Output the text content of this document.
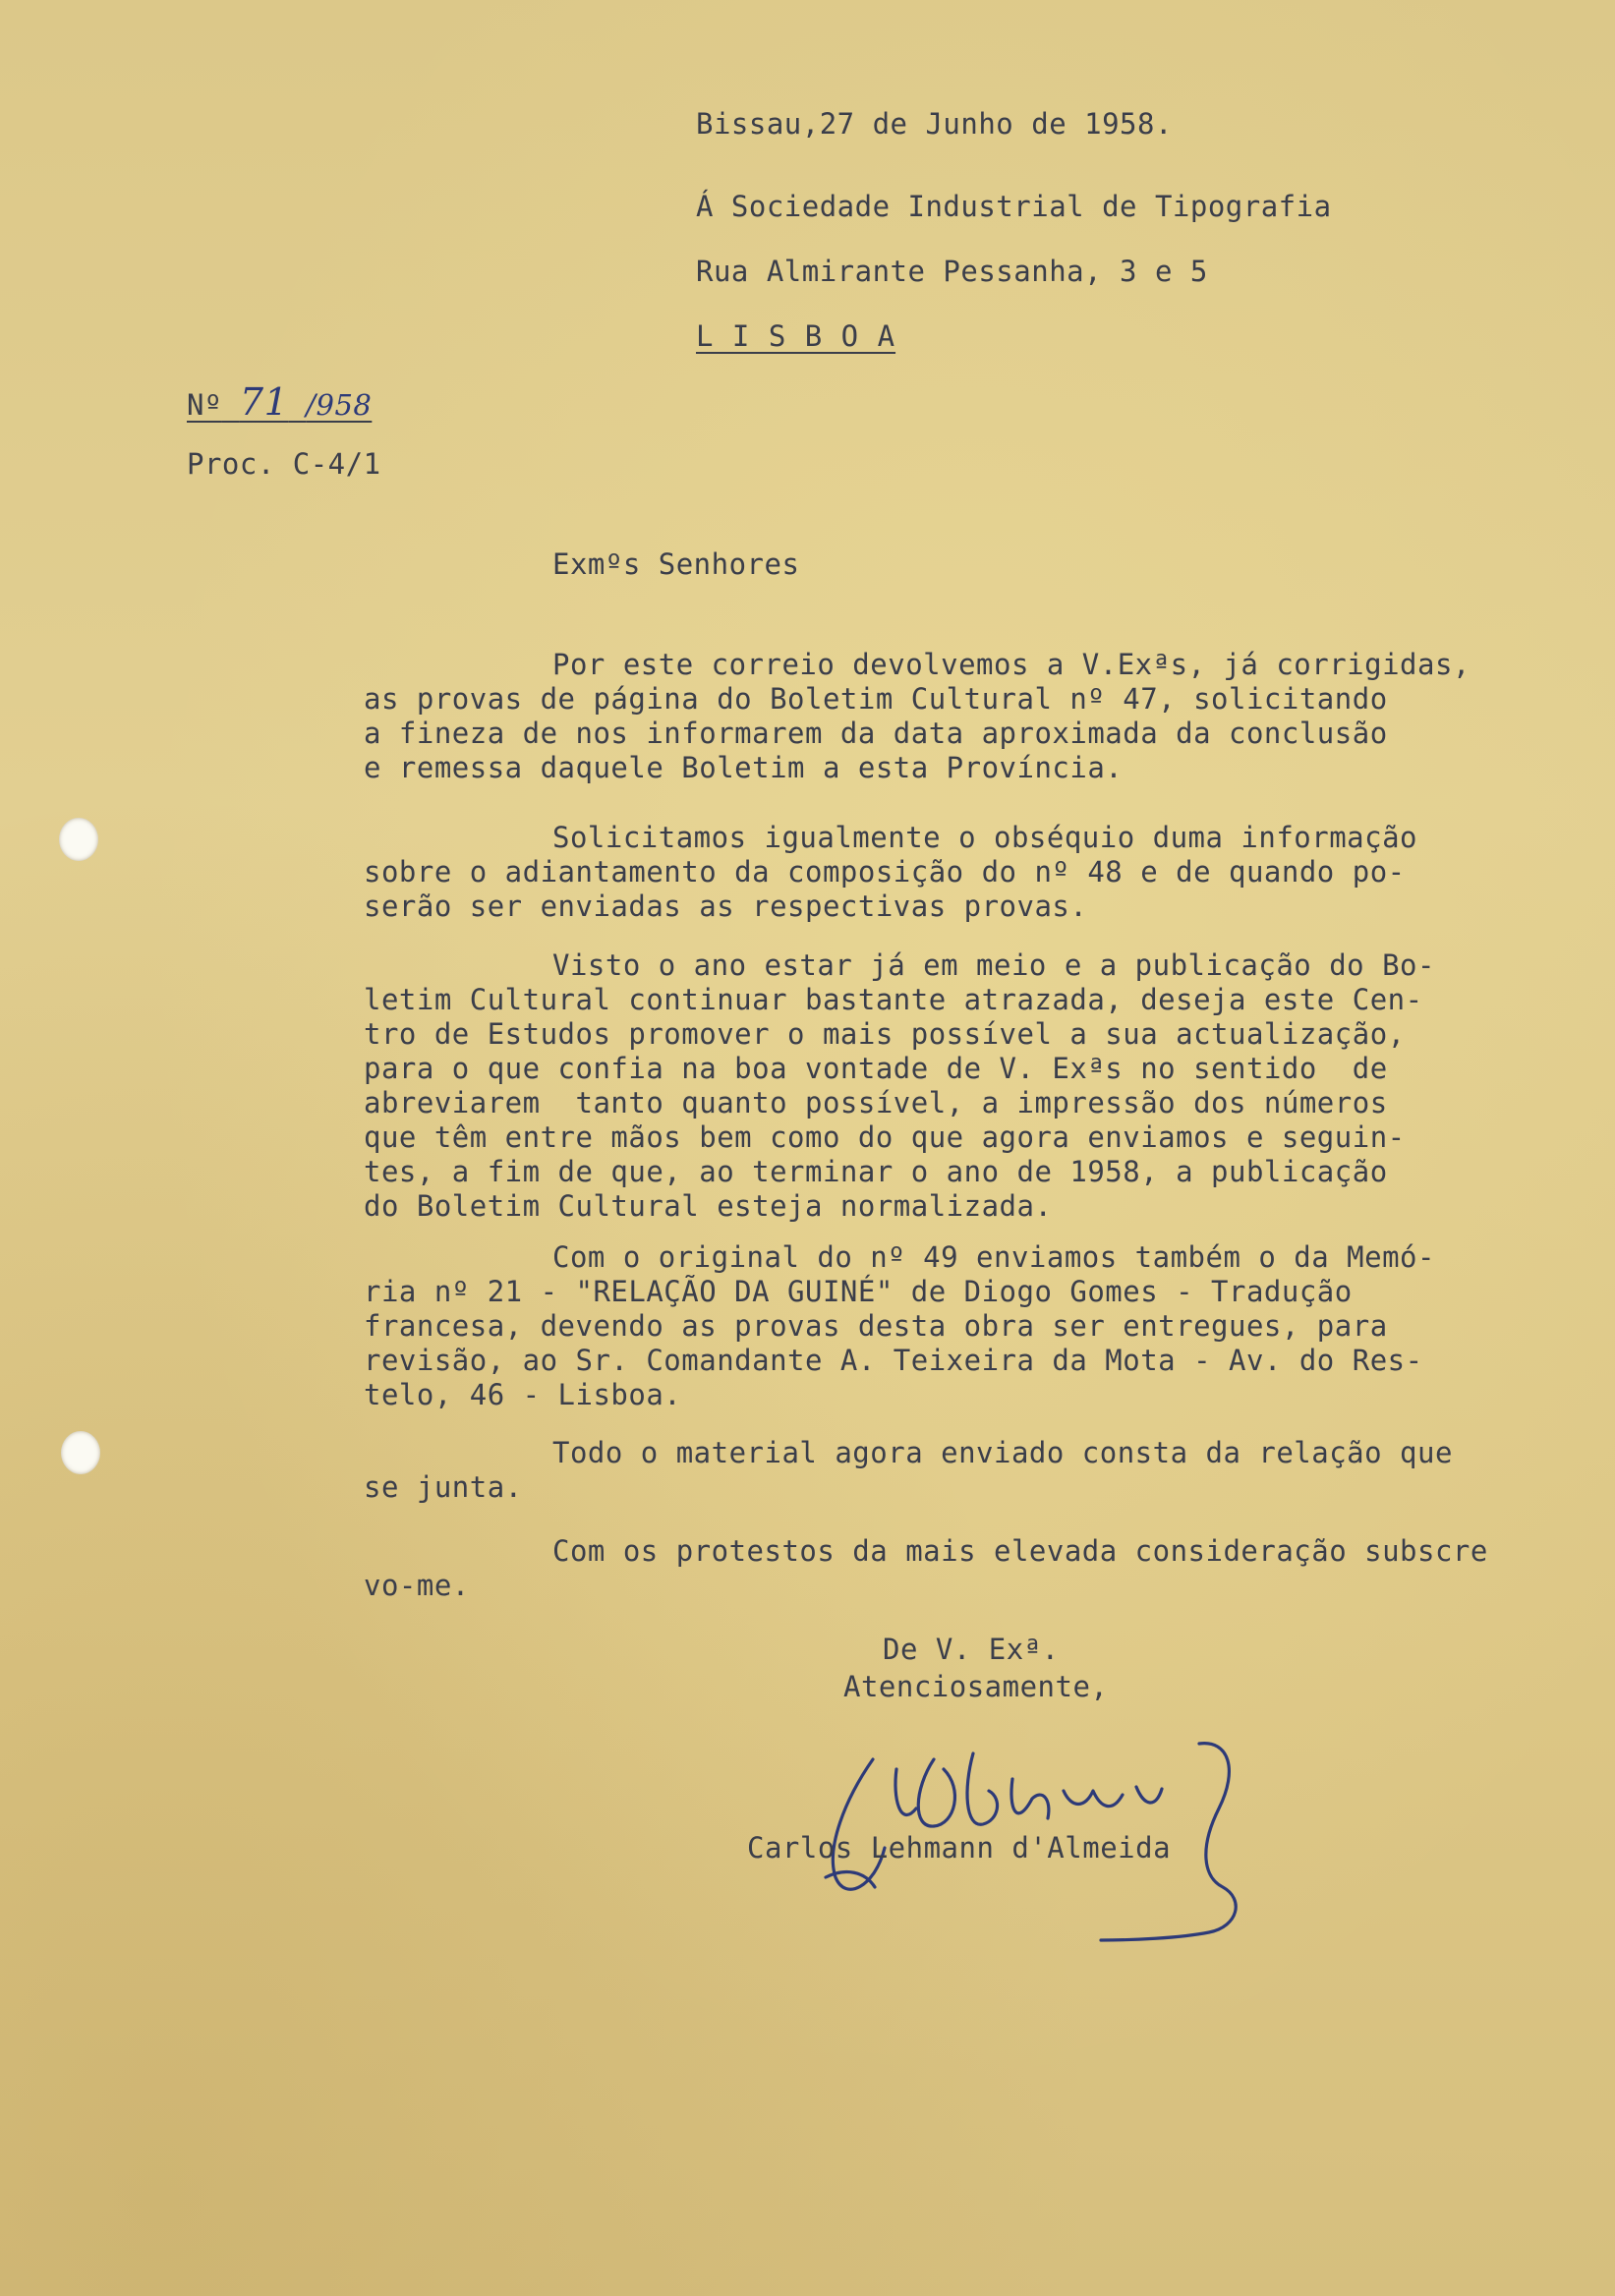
Bissau,27 de Junho de 1958.
Á Sociedade Industrial de Tipografia
Rua Almirante Pessanha, 3 e 5
L I S B O A
Nº 71 /958
Proc. C-4/1
Exmºs Senhores
Por este correio devolvemos a V.Exªs, já corrigidas,
as provas de página do Boletim Cultural nº 47, solicitando
a fineza de nos informarem da data aproximada da conclusão
e remessa daquele Boletim a esta Província.
Solicitamos igualmente o obséquio duma informação
sobre o adiantamento da composição do nº 48 e de quando po-
serão ser enviadas as respectivas provas.
Visto o ano estar já em meio e a publicação do Bo-
letim Cultural continuar bastante atrazada, deseja este Cen-
tro de Estudos promover o mais possível a sua actualização,
para o que confia na boa vontade de V. Exªs no sentido  de
abreviarem  tanto quanto possível, a impressão dos números
que têm entre mãos bem como do que agora enviamos e seguin-
tes, a fim de que, ao terminar o ano de 1958, a publicação
do Boletim Cultural esteja normalizada.
Com o original do nº 49 enviamos também o da Memó-
ria nº 21 - "RELAÇÃO DA GUINÉ" de Diogo Gomes - Tradução
francesa, devendo as provas desta obra ser entregues, para
revisão, ao Sr. Comandante A. Teixeira da Mota - Av. do Res-
telo, 46 - Lisboa.
Todo o material agora enviado consta da relação que
se junta.
Com os protestos da mais elevada consideração subscre
vo-me.
De V. Exª.
Atenciosamente,
Carlos Lehmann d'Almeida
